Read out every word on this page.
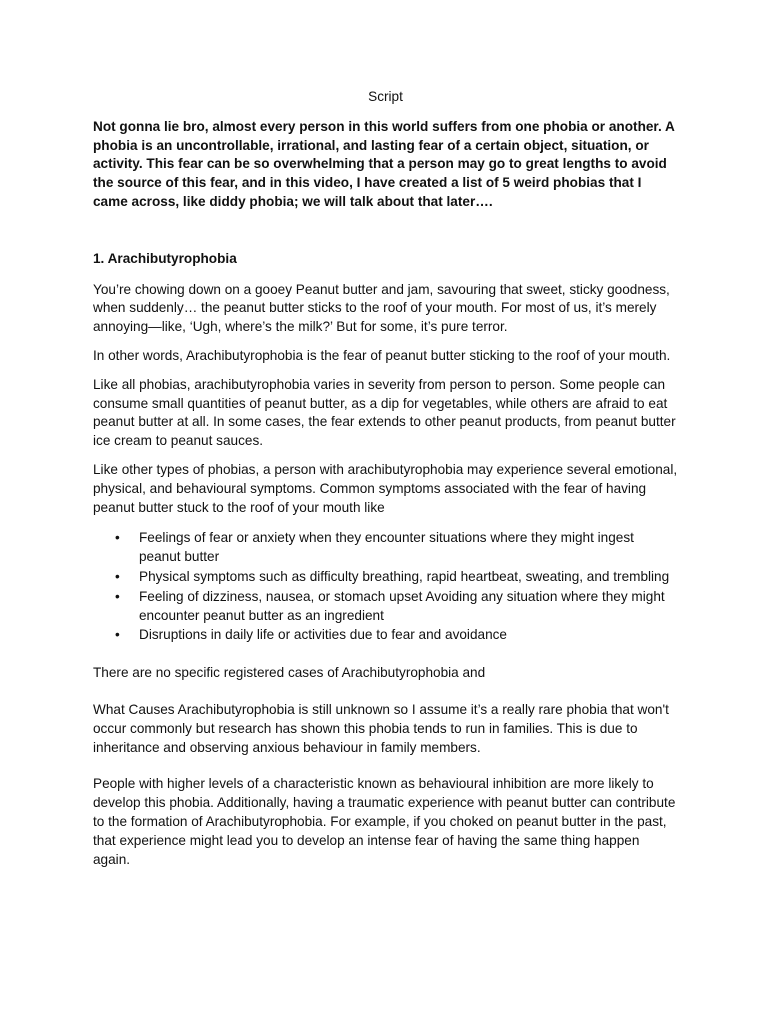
Script

Not gonna lie bro, almost every person in this world suffers from one phobia or another. A phobia is an uncontrollable, irrational, and lasting fear of a certain object, situation, or activity. This fear can be so overwhelming that a person may go to great lengths to avoid the source of this fear, and in this video, I have created a list of 5 weird phobias that I came across, like diddy phobia; we will talk about that later….

1. Arachibutyrophobia

You’re chowing down on a gooey Peanut butter and jam, savouring that sweet, sticky goodness, when suddenly… the peanut butter sticks to the roof of your mouth. For most of us, it’s merely annoying—like, ‘Ugh, where’s the milk?’ But for some, it’s pure terror.

In other words, Arachibutyrophobia is the fear of peanut butter sticking to the roof of your mouth.

Like all phobias, arachibutyrophobia varies in severity from person to person. Some people can consume small quantities of peanut butter, as a dip for vegetables, while others are afraid to eat peanut butter at all. In some cases, the fear extends to other peanut products, from peanut butter ice cream to peanut sauces.

Like other types of phobias, a person with arachibutyrophobia may experience several emotional, physical, and behavioural symptoms. Common symptoms associated with the fear of having peanut butter stuck to the roof of your mouth like

• Feelings of fear or anxiety when they encounter situations where they might ingest peanut butter
• Physical symptoms such as difficulty breathing, rapid heartbeat, sweating, and trembling
• Feeling of dizziness, nausea, or stomach upset Avoiding any situation where they might encounter peanut butter as an ingredient
• Disruptions in daily life or activities due to fear and avoidance

There are no specific registered cases of Arachibutyrophobia and

What Causes Arachibutyrophobia is still unknown so I assume it’s a really rare phobia that won't occur commonly but research has shown this phobia tends to run in families. This is due to inheritance and observing anxious behaviour in family members.

People with higher levels of a characteristic known as behavioural inhibition are more likely to develop this phobia. Additionally, having a traumatic experience with peanut butter can contribute to the formation of Arachibutyrophobia. For example, if you choked on peanut butter in the past, that experience might lead you to develop an intense fear of having the same thing happen again.
